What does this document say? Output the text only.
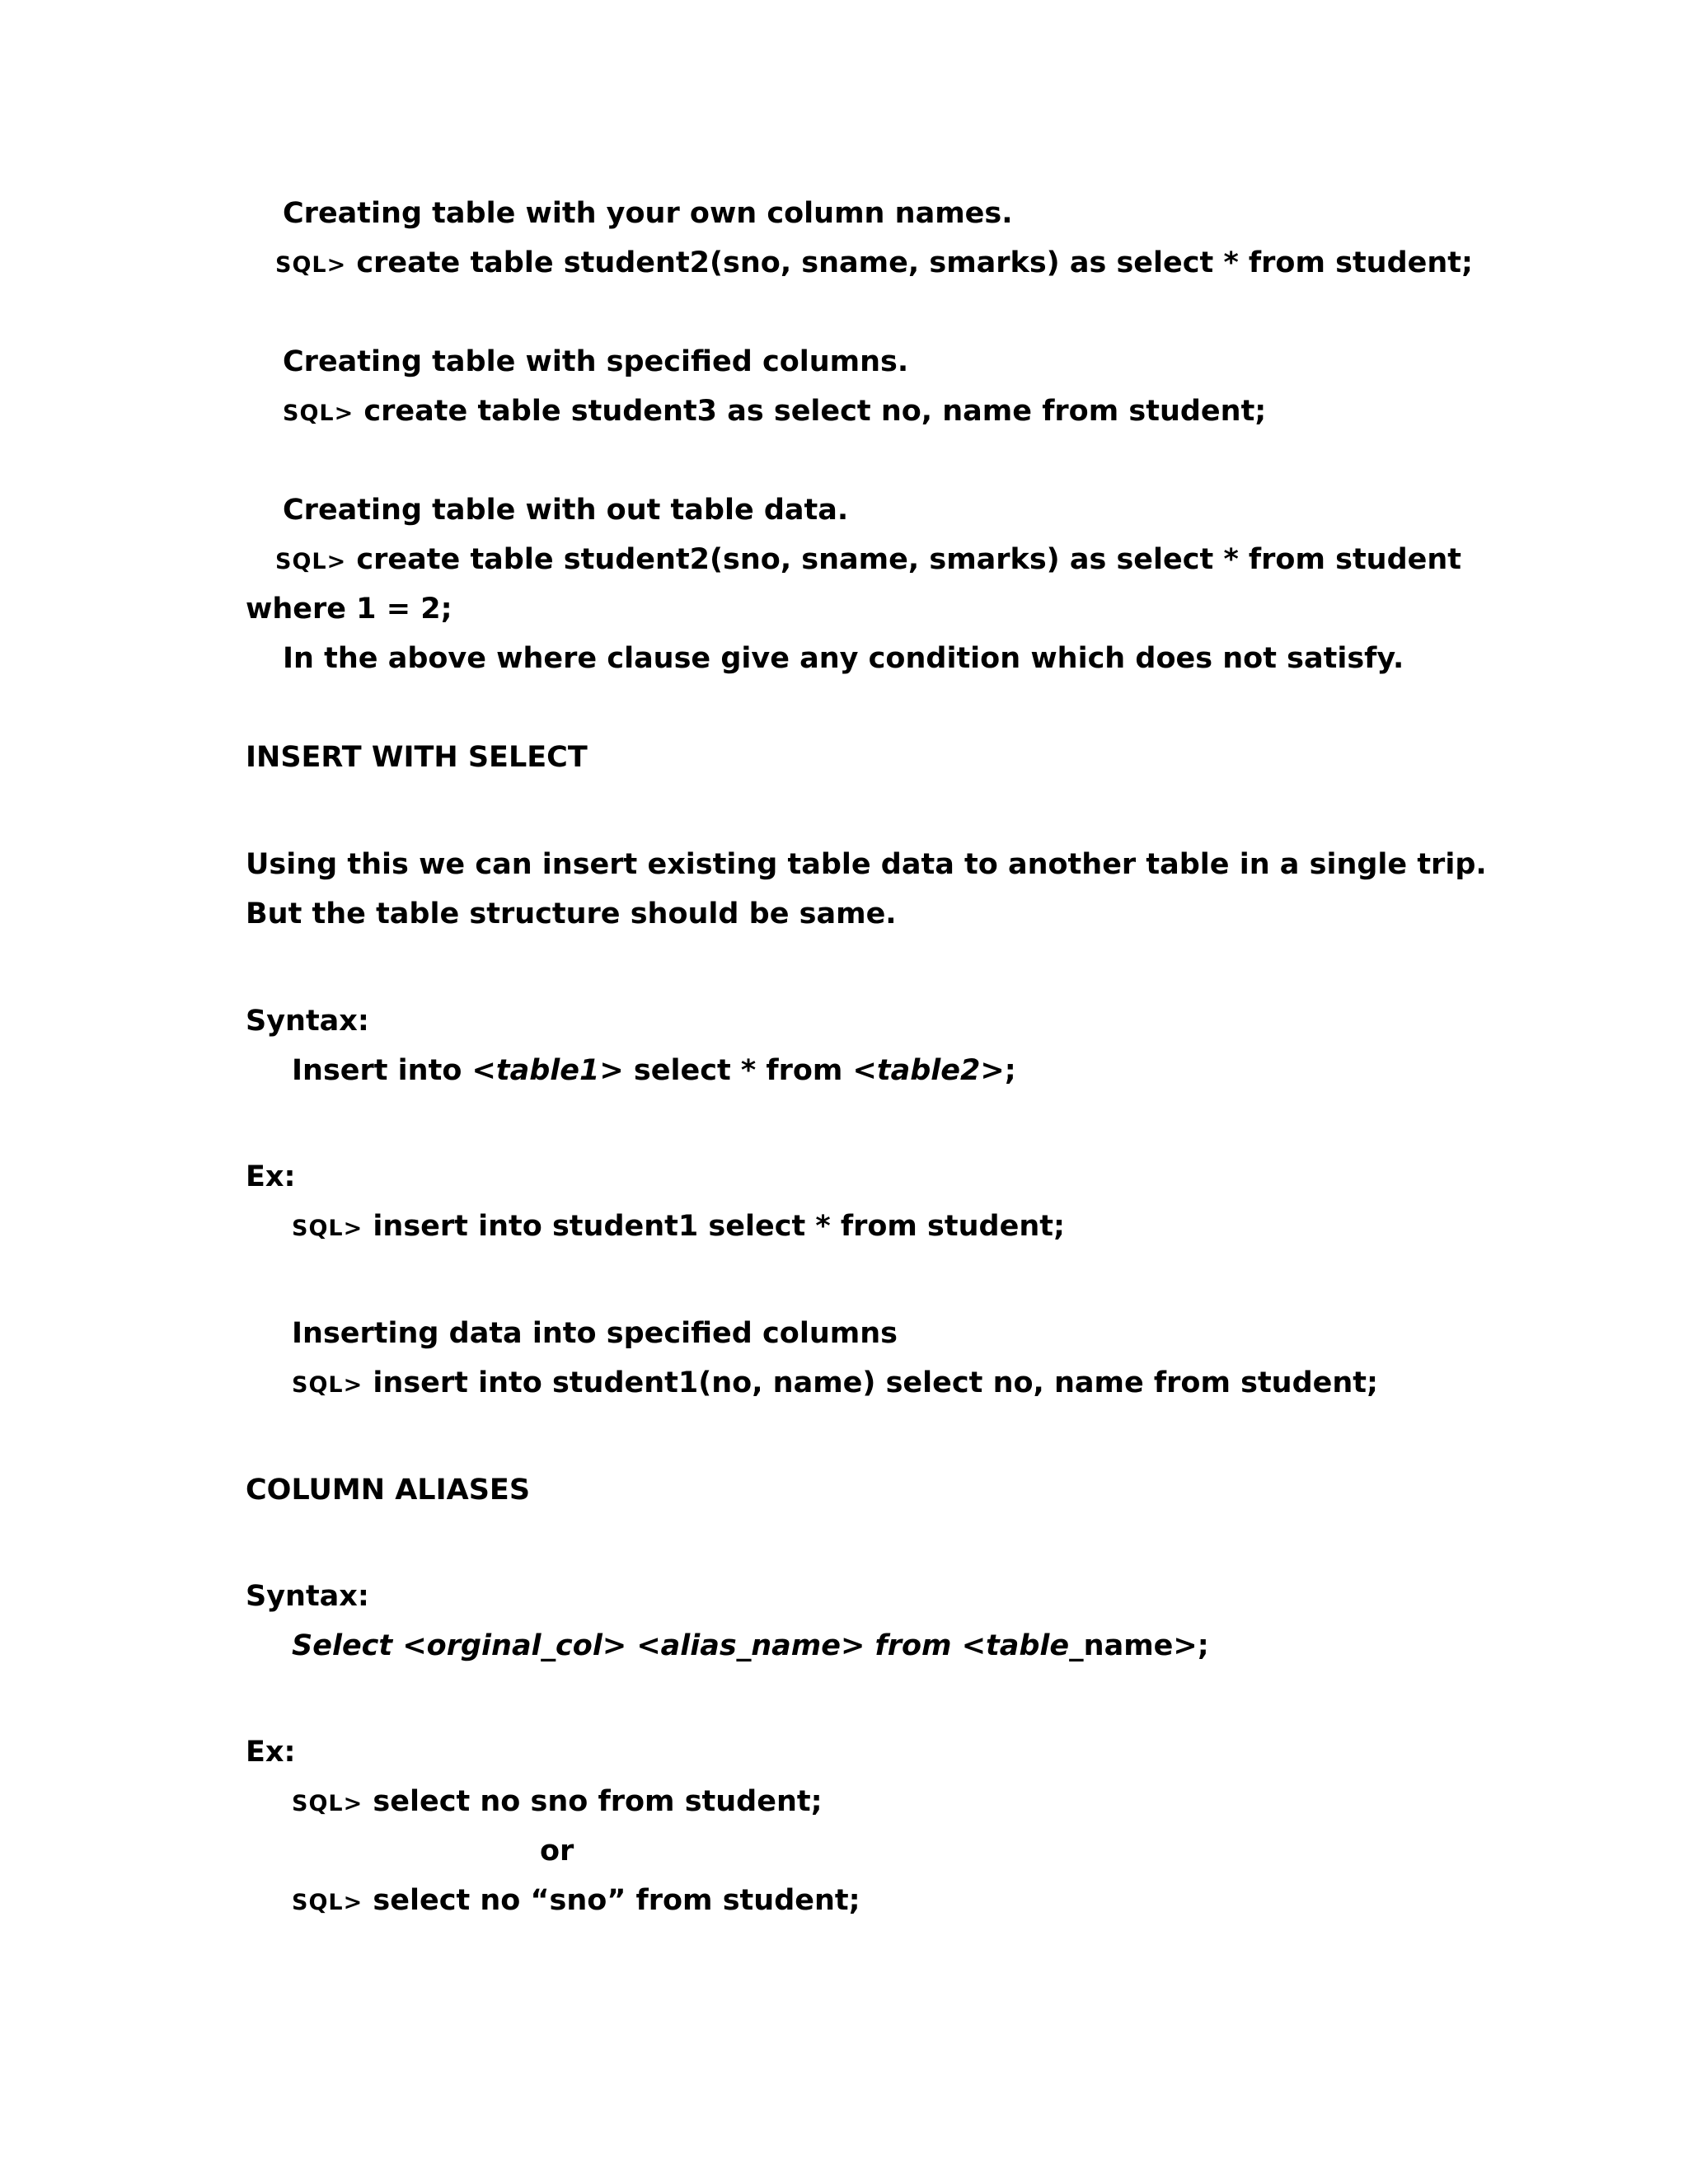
Creating table with your own column names.
SQL> create table student2(sno, sname, smarks) as select * from student;
Creating table with specified columns.
SQL> create table student3 as select no, name from student;
Creating table with out table data.
SQL> create table student2(sno, sname, smarks) as select * from student
where 1 = 2;
In the above where clause give any condition which does not satisfy.
INSERT WITH SELECT
Using this we can insert existing table data to another table in a single trip.
But the table structure should be same.
Syntax:
Insert into <table1> select * from <table2>;
Ex:
SQL> insert into student1 select * from student;
Inserting data into specified columns
SQL> insert into student1(no, name) select no, name from student;
COLUMN ALIASES
Syntax:
Select <orginal_col> <alias_name> from <table_name>;
Ex:
SQL> select no sno from student;
or
SQL> select no “sno” from student;
